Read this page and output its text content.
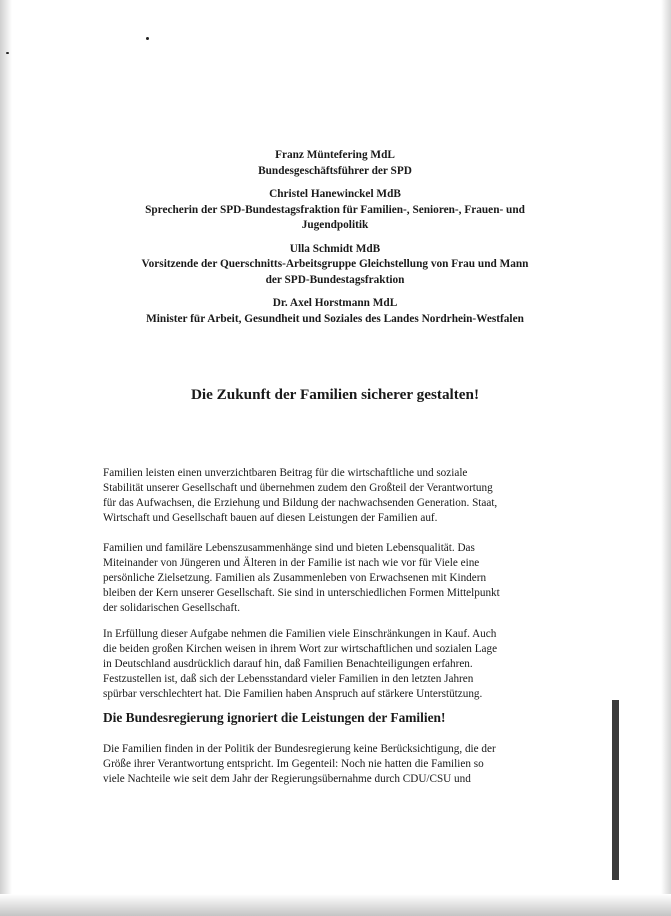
Franz Müntefering MdL
Bundesgeschäftsführer der SPD
Christel Hanewinckel MdB
Sprecherin der SPD-Bundestagsfraktion für Familien-, Senioren-, Frauen- und
Jugendpolitik
Ulla Schmidt MdB
Vorsitzende der Querschnitts-Arbeitsgruppe Gleichstellung von Frau und Mann
der SPD-Bundestagsfraktion
Dr. Axel Horstmann MdL
Minister für Arbeit, Gesundheit und Soziales des Landes Nordrhein-Westfalen
Die Zukunft der Familien sicherer gestalten!
Familien leisten einen unverzichtbaren Beitrag für die wirtschaftliche und soziale
Stabilität unserer Gesellschaft und übernehmen zudem den Großteil der Verantwortung
für das Aufwachsen, die Erziehung und Bildung der nachwachsenden Generation. Staat,
Wirtschaft und Gesellschaft bauen auf diesen Leistungen der Familien auf.
Familien und familäre Lebenszusammenhänge sind und bieten Lebensqualität. Das
Miteinander von Jüngeren und Älteren in der Familie ist nach wie vor für Viele eine
persönliche Zielsetzung. Familien als Zusammenleben von Erwachsenen mit Kindern
bleiben der Kern unserer Gesellschaft. Sie sind in unterschiedlichen Formen Mittelpunkt
der solidarischen Gesellschaft.
In Erfüllung dieser Aufgabe nehmen die Familien viele Einschränkungen in Kauf. Auch
die beiden großen Kirchen weisen in ihrem Wort zur wirtschaftlichen und sozialen Lage
in Deutschland ausdrücklich darauf hin, daß Familien Benachteiligungen erfahren.
Festzustellen ist, daß sich der Lebensstandard vieler Familien in den letzten Jahren
spürbar verschlechtert hat. Die Familien haben Anspruch auf stärkere Unterstützung.
Die Bundesregierung ignoriert die Leistungen der Familien!
Die Familien finden in der Politik der Bundesregierung keine Berücksichtigung, die der
Größe ihrer Verantwortung entspricht. Im Gegenteil: Noch nie hatten die Familien so
viele Nachteile wie seit dem Jahr der Regierungsübernahme durch CDU/CSU und
